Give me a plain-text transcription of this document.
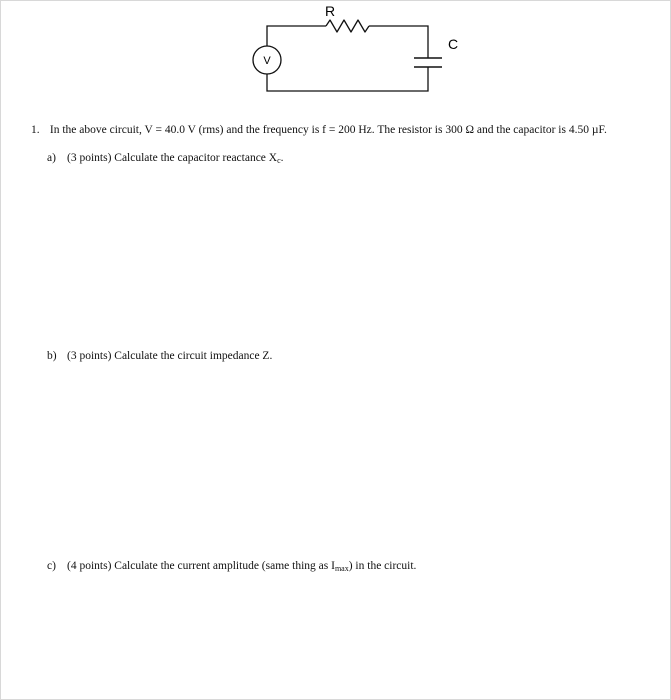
V
R
C
1. In the above circuit, V = 40.0 V (rms) and the frequency is f = 200 Hz. The resistor is 300 Ω and the capacitor is 4.50 µF.
a) (3 points) Calculate the capacitor reactance $X_c$.
b) (3 points) Calculate the circuit impedance Z.
c) (4 points) Calculate the current amplitude (same thing as $I_{max}$) in the circuit.
